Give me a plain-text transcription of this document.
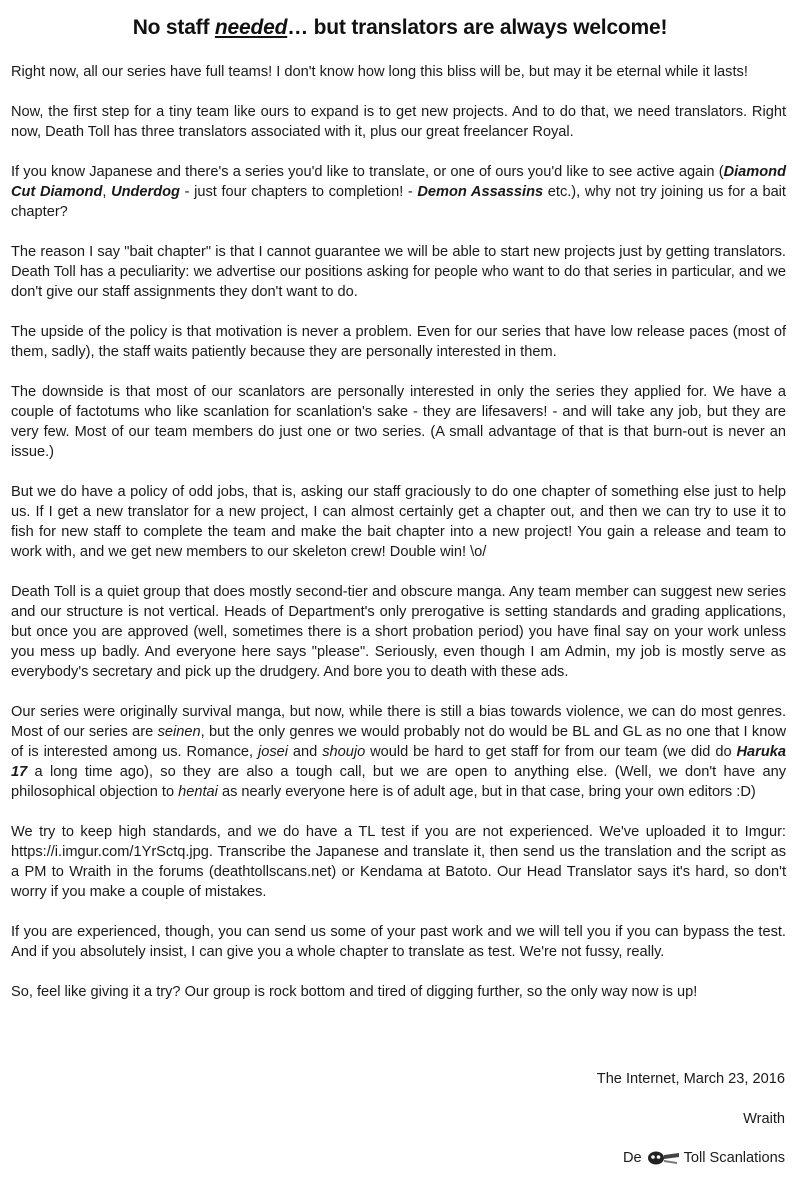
No staff needed… but translators are always welcome!

Right now, all our series have full teams! I don't know how long this bliss will be, but may it be eternal while it lasts!

Now, the first step for a tiny team like ours to expand is to get new projects. And to do that, we need translators. Right now, Death Toll has three translators associated with it, plus our great freelancer Royal.

If you know Japanese and there's a series you'd like to translate, or one of ours you'd like to see active again (Diamond Cut Diamond, Underdog - just four chapters to completion! - Demon Assassins etc.), why not try joining us for a bait chapter?

The reason I say "bait chapter" is that I cannot guarantee we will be able to start new projects just by getting translators. Death Toll has a peculiarity: we advertise our positions asking for people who want to do that series in particular, and we don't give our staff assignments they don't want to do.

The upside of the policy is that motivation is never a problem. Even for our series that have low release paces (most of them, sadly), the staff waits patiently because they are personally interested in them.

The downside is that most of our scanlators are personally interested in only the series they applied for. We have a couple of factotums who like scanlation for scanlation's sake - they are lifesavers! - and will take any job, but they are very few. Most of our team members do just one or two series. (A small advantage of that is that burn-out is never an issue.)

But we do have a policy of odd jobs, that is, asking our staff graciously to do one chapter of something else just to help us. If I get a new translator for a new project, I can almost certainly get a chapter out, and then we can try to use it to fish for new staff to complete the team and make the bait chapter into a new project! You gain a release and team to work with, and we get new members to our skeleton crew! Double win! \o/

Death Toll is a quiet group that does mostly second-tier and obscure manga. Any team member can suggest new series and our structure is not vertical. Heads of Department's only prerogative is setting standards and grading applications, but once you are approved (well, sometimes there is a short probation period) you have final say on your work unless you mess up badly. And everyone here says "please". Seriously, even though I am Admin, my job is mostly serve as everybody's secretary and pick up the drudgery. And bore you to death with these ads.

Our series were originally survival manga, but now, while there is still a bias towards violence, we can do most genres. Most of our series are seinen, but the only genres we would probably not do would be BL and GL as no one that I know of is interested among us. Romance, josei and shoujo would be hard to get staff for from our team (we did do Haruka 17 a long time ago), so they are also a tough call, but we are open to anything else. (Well, we don't have any philosophical objection to hentai as nearly everyone here is of adult age, but in that case, bring your own editors :D)

We try to keep high standards, and we do have a TL test if you are not experienced. We've uploaded it to Imgur: https://i.imgur.com/1YrSctq.jpg. Transcribe the Japanese and translate it, then send us the translation and the script as a PM to Wraith in the forums (deathtollscans.net) or Kendama at Batoto. Our Head Translator says it's hard, so don't worry if you make a couple of mistakes.

If you are experienced, though, you can send us some of your past work and we will tell you if you can bypass the test. And if you absolutely insist, I can give you a whole chapter to translate as test. We're not fussy, really.

So, feel like giving it a try? Our group is rock bottom and tired of digging further, so the only way now is up!

The Internet, March 23, 2016
Wraith
De	Toll Scanlations
